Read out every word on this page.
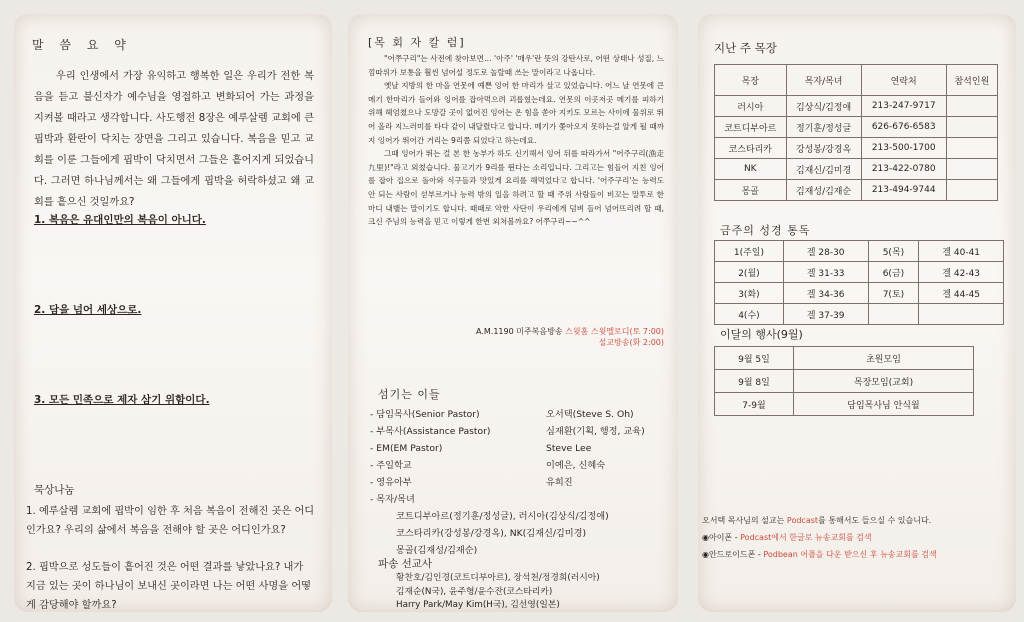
말 씀 요 약
우리 인생에서 가장 유익하고 행복한 일은 우리가 전한 복음을 듣고 불신자가 예수님을 영접하고 변화되어 가는 과정을 지켜볼 때라고 생각합니다. 사도행전 8장은 예루살렘 교회에 큰 핍박과 환란이 닥치는 장면을 그리고 있습니다. 복음을 믿고 교회를 이룬 그들에게 핍박이 닥치면서 그들은 흩어지게 되었습니다. 그러면 하나님께서는 왜 그들에게 핍박을 허락하셨고 왜 교회를 흩으신 것일까요?
1. 복음은 유대인만의 복음이 아니다.
2. 담을 넘어 세상으로.
3. 모든 민족으로 제자 삼기 위함이다.
묵상나눔
1. 예루살렘 교회에 핍박이 임한 후 처음 복음이 전해진 곳은 어디인가요? 우리의 삶에서 복음을 전해야 할 곳은 어디인가요?
2. 핍박으로 성도들이 흩어진 것은 어떤 결과를 낳았나요? 내가 지금 있는 곳이 하나님이 보내신 곳이라면 나는 어떤 사명을 어떻게 감당해야 할까요?
[목 회 자 칼 럼]
"어쭈구리"는 사전에 찾아보면… '아주' '매우'란 뜻의 강탄사로, 어떤 상태나 성질, 느낌따위가 보통을 훨씬 넘어설 정도로 놀랄때 쓰는 말이라고 나옵니다.
옛날 지방의 한 마을 연못에 예쁜 잉어 한 마리가 살고 있었습니다. 어느 날 연못에 큰 메기 한마리가 들어와 잉어를 잡아먹으려 괴롭혔는데요. 연못의 이곳저곳 메기를 피하기 위해 헤엄쳤으나 도망갈 곳이 없어진 잉어는 온 힘을 쏟아 지키도 모르는 사이에 물위로 뛰어 올라 지느러미를 타다 같이 내달렸다고 합니다. 메기가 쫓아오지 못하는걸 알게 될 때까지 잉어가 뛰어간 거리는 9리쯤 되었다고 하는데요.
그때 잉어가 뛰는 걸 본 한 농부가 하도 신기해서 잉어 뒤를 따라가서 "어주구리(漁走九里)!"라고 외쳤습니다. 물고기가 9리를 뛴다는 소리입니다. 그리고는 힘들어 지친 잉어를 잡아 집으로 돌아와 식구들과 맛있게 요리를 해먹었다고 합니다. '어주구리'는 능력도 안 되는 사람이 섣부르거나 능력 밖의 일을 하려고 할 때 주위 사람들이 비꼬는 말투로 한마디 내뱉는 말이기도 합니다. 때때로 악한 사단이 우리에게 덤벼 들어 넘어뜨리려 할 때, 크신 주님의 능력을 믿고 이렇게 한번 외쳐볼까요? 어쭈구리~~^^
A.M.1190 미주복음방송 스윗홈 스윗멜로디(토 7:00)
설교방송(화 2:00)
섬기는 이들
- 담임목사(Senior Pastor)	오서택(Steve S. Oh)
- 부목사(Assistance Pastor)	심재환(기획, 행정, 교육)
- EM(EM Pastor)	Steve Lee
- 주일학교	이예은, 신혜숙
- 영유아부	유희진
- 목자/목녀
코트디부아르(정기훈/정성글), 러시아(김상식/김정애)
코스타리카(강성봉/강경옥), NK(김재신/김미경)
몽골(김재성/김재순)
파송 선교사
황찬호/김인경(코트디부아르), 장석천/정경희(러시아)
김재순(N국), 윤주형/윤수잔(코스타리카)
Harry Park/May Kim(H국), 김선영(일본)
지난 주 목장
목장	목자/목녀	연락처	참석인원
러시아	김상식/김정애	213-247-9717	
코트디부아르	정기훈/정성글	626-676-6583	
코스타리카	강성봉/강경옥	213-500-1700	
NK	김재신/김미경	213-422-0780	
몽골	김재성/김재순	213-494-9744	
금주의 성경 통독
1(주일)	겔 28-30	5(목)	겔 40-41
2(월)	겔 31-33	6(금)	겔 42-43
3(화)	겔 34-36	7(토)	겔 44-45
4(수)	겔 37-39		
이달의 행사(9월)
9월 5일	초원모임
9월 8일	목장모임(교회)
7-9월	담임목사님 안식월
오서택 목사님의 설교는 Podcast를 통해서도 들으실 수 있습니다.
◉아이폰 - Podcast에서 한글로 뉴송교회를 검색
◉안드로이드폰 - Podbean 어플을 다운 받으신 후 뉴송교회를 검색
